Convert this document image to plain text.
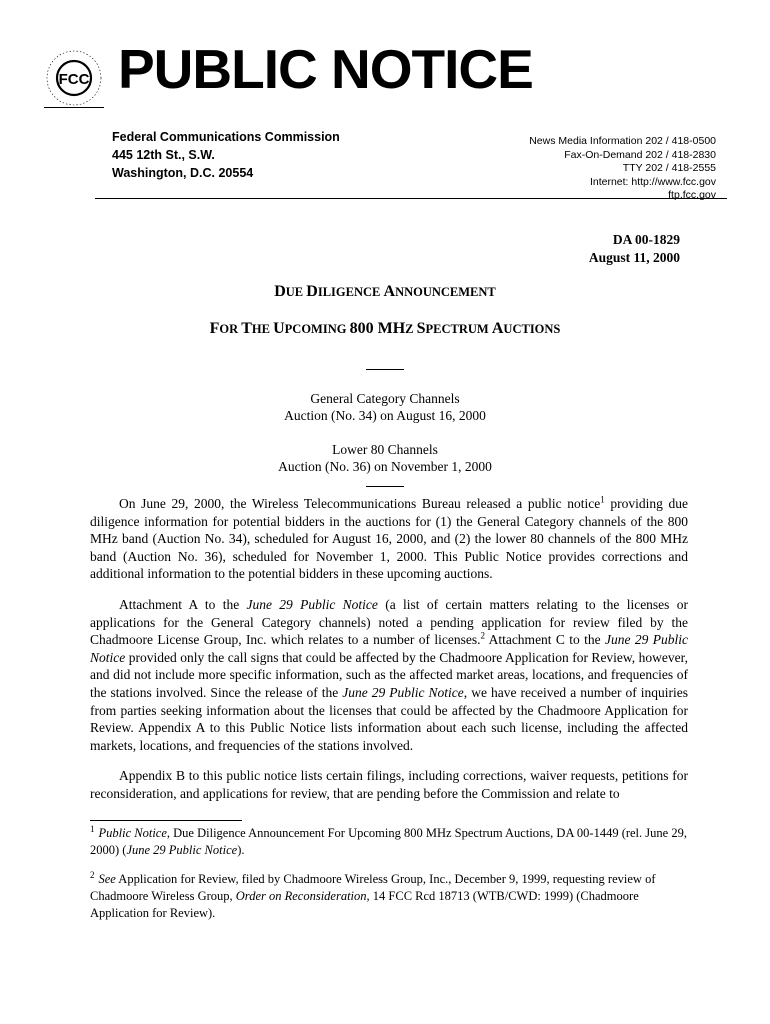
FCC PUBLIC NOTICE
Federal Communications Commission
445 12th St., S.W.
Washington, D.C. 20554
News Media Information 202 / 418-0500
Fax-On-Demand 202 / 418-2830
TTY 202 / 418-2555
Internet: http://www.fcc.gov
ftp.fcc.gov
DA 00-1829
August 11, 2000
DUE DILIGENCE ANNOUNCEMENT
FOR THE UPCOMING 800 MHZ SPECTRUM AUCTIONS
General Category Channels
Auction (No. 34) on August 16, 2000
Lower 80 Channels
Auction (No. 36) on November 1, 2000

On June 29, 2000, the Wireless Telecommunications Bureau released a public notice$^1$ providing due diligence information for potential bidders in the auctions for (1) the General Category channels of the 800 MHz band (Auction No. 34), scheduled for August 16, 2000, and (2) the lower 80 channels of the 800 MHz band (Auction No. 36), scheduled for November 1, 2000. This Public Notice provides corrections and additional information to the potential bidders in these upcoming auctions.

Attachment A to the June 29 Public Notice (a list of certain matters relating to the licenses or applications for the General Category channels) noted a pending application for review filed by the Chadmoore License Group, Inc. which relates to a number of licenses.$^2$ Attachment C to the June 29 Public Notice provided only the call signs that could be affected by the Chadmoore Application for Review, however, and did not include more specific information, such as the affected market areas, locations, and frequencies of the stations involved. Since the release of the June 29 Public Notice, we have received a number of inquiries from parties seeking information about the licenses that could be affected by the Chadmoore Application for Review. Appendix A to this Public Notice lists information about each such license, including the affected markets, locations, and frequencies of the stations involved.

Appendix B to this public notice lists certain filings, including corrections, waiver requests, petitions for reconsideration, and applications for review, that are pending before the Commission and relate to

$^1$ Public Notice, Due Diligence Announcement For Upcoming 800 MHz Spectrum Auctions, DA 00-1449 (rel. June 29, 2000) (June 29 Public Notice).
$^2$ See Application for Review, filed by Chadmoore Wireless Group, Inc., December 9, 1999, requesting review of Chadmoore Wireless Group, Order on Reconsideration, 14 FCC Rcd 18713 (WTB/CWD: 1999) (Chadmoore Application for Review).
